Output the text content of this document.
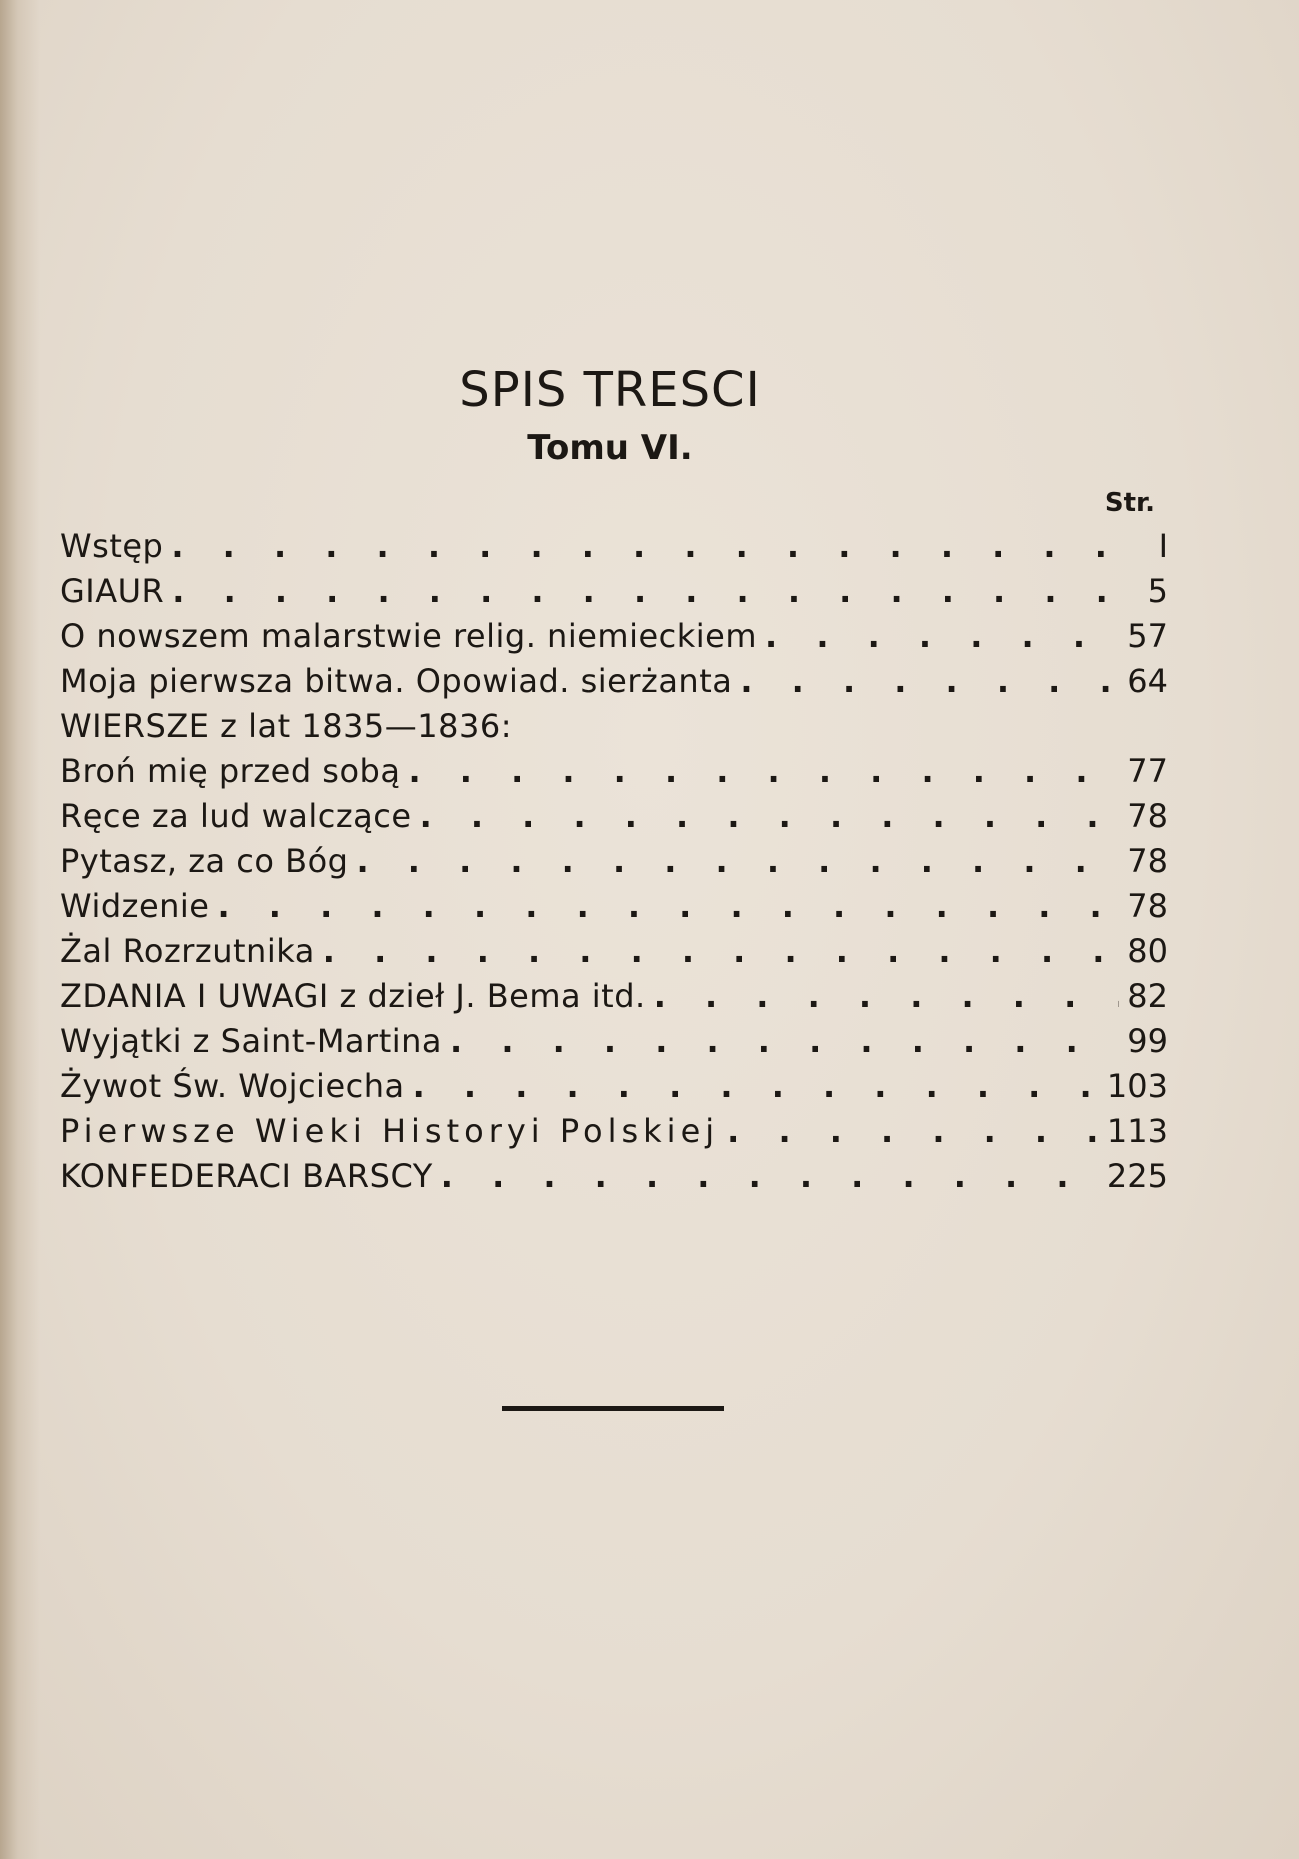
SPIS TRESCI
Tomu VI.
Str.
Wstęp . . .	I
GIAUR . . .	5
O nowszem malarstwie relig. niemieckiem . . .	57
Moja pierwsza bitwa. Opowiad. sierżanta . . .	64
WIERSZE z lat 1835—1836:
Broń mię przed sobą . . .	77
Ręce za lud walczące . . .	78
Pytasz, za co Bóg . . .	78
Widzenie . . .	78
Żal Rozrzutnika . . .	80
ZDANIA I UWAGI z dzieł J. Bema itd. . . .	82
Wyjątki z Saint-Martina . . .	99
Żywot Św. Wojciecha . . .	103
Pierwsze Wieki Historyi Polskiej . . .	113
KONFEDERACI BARSCY . . .	225
